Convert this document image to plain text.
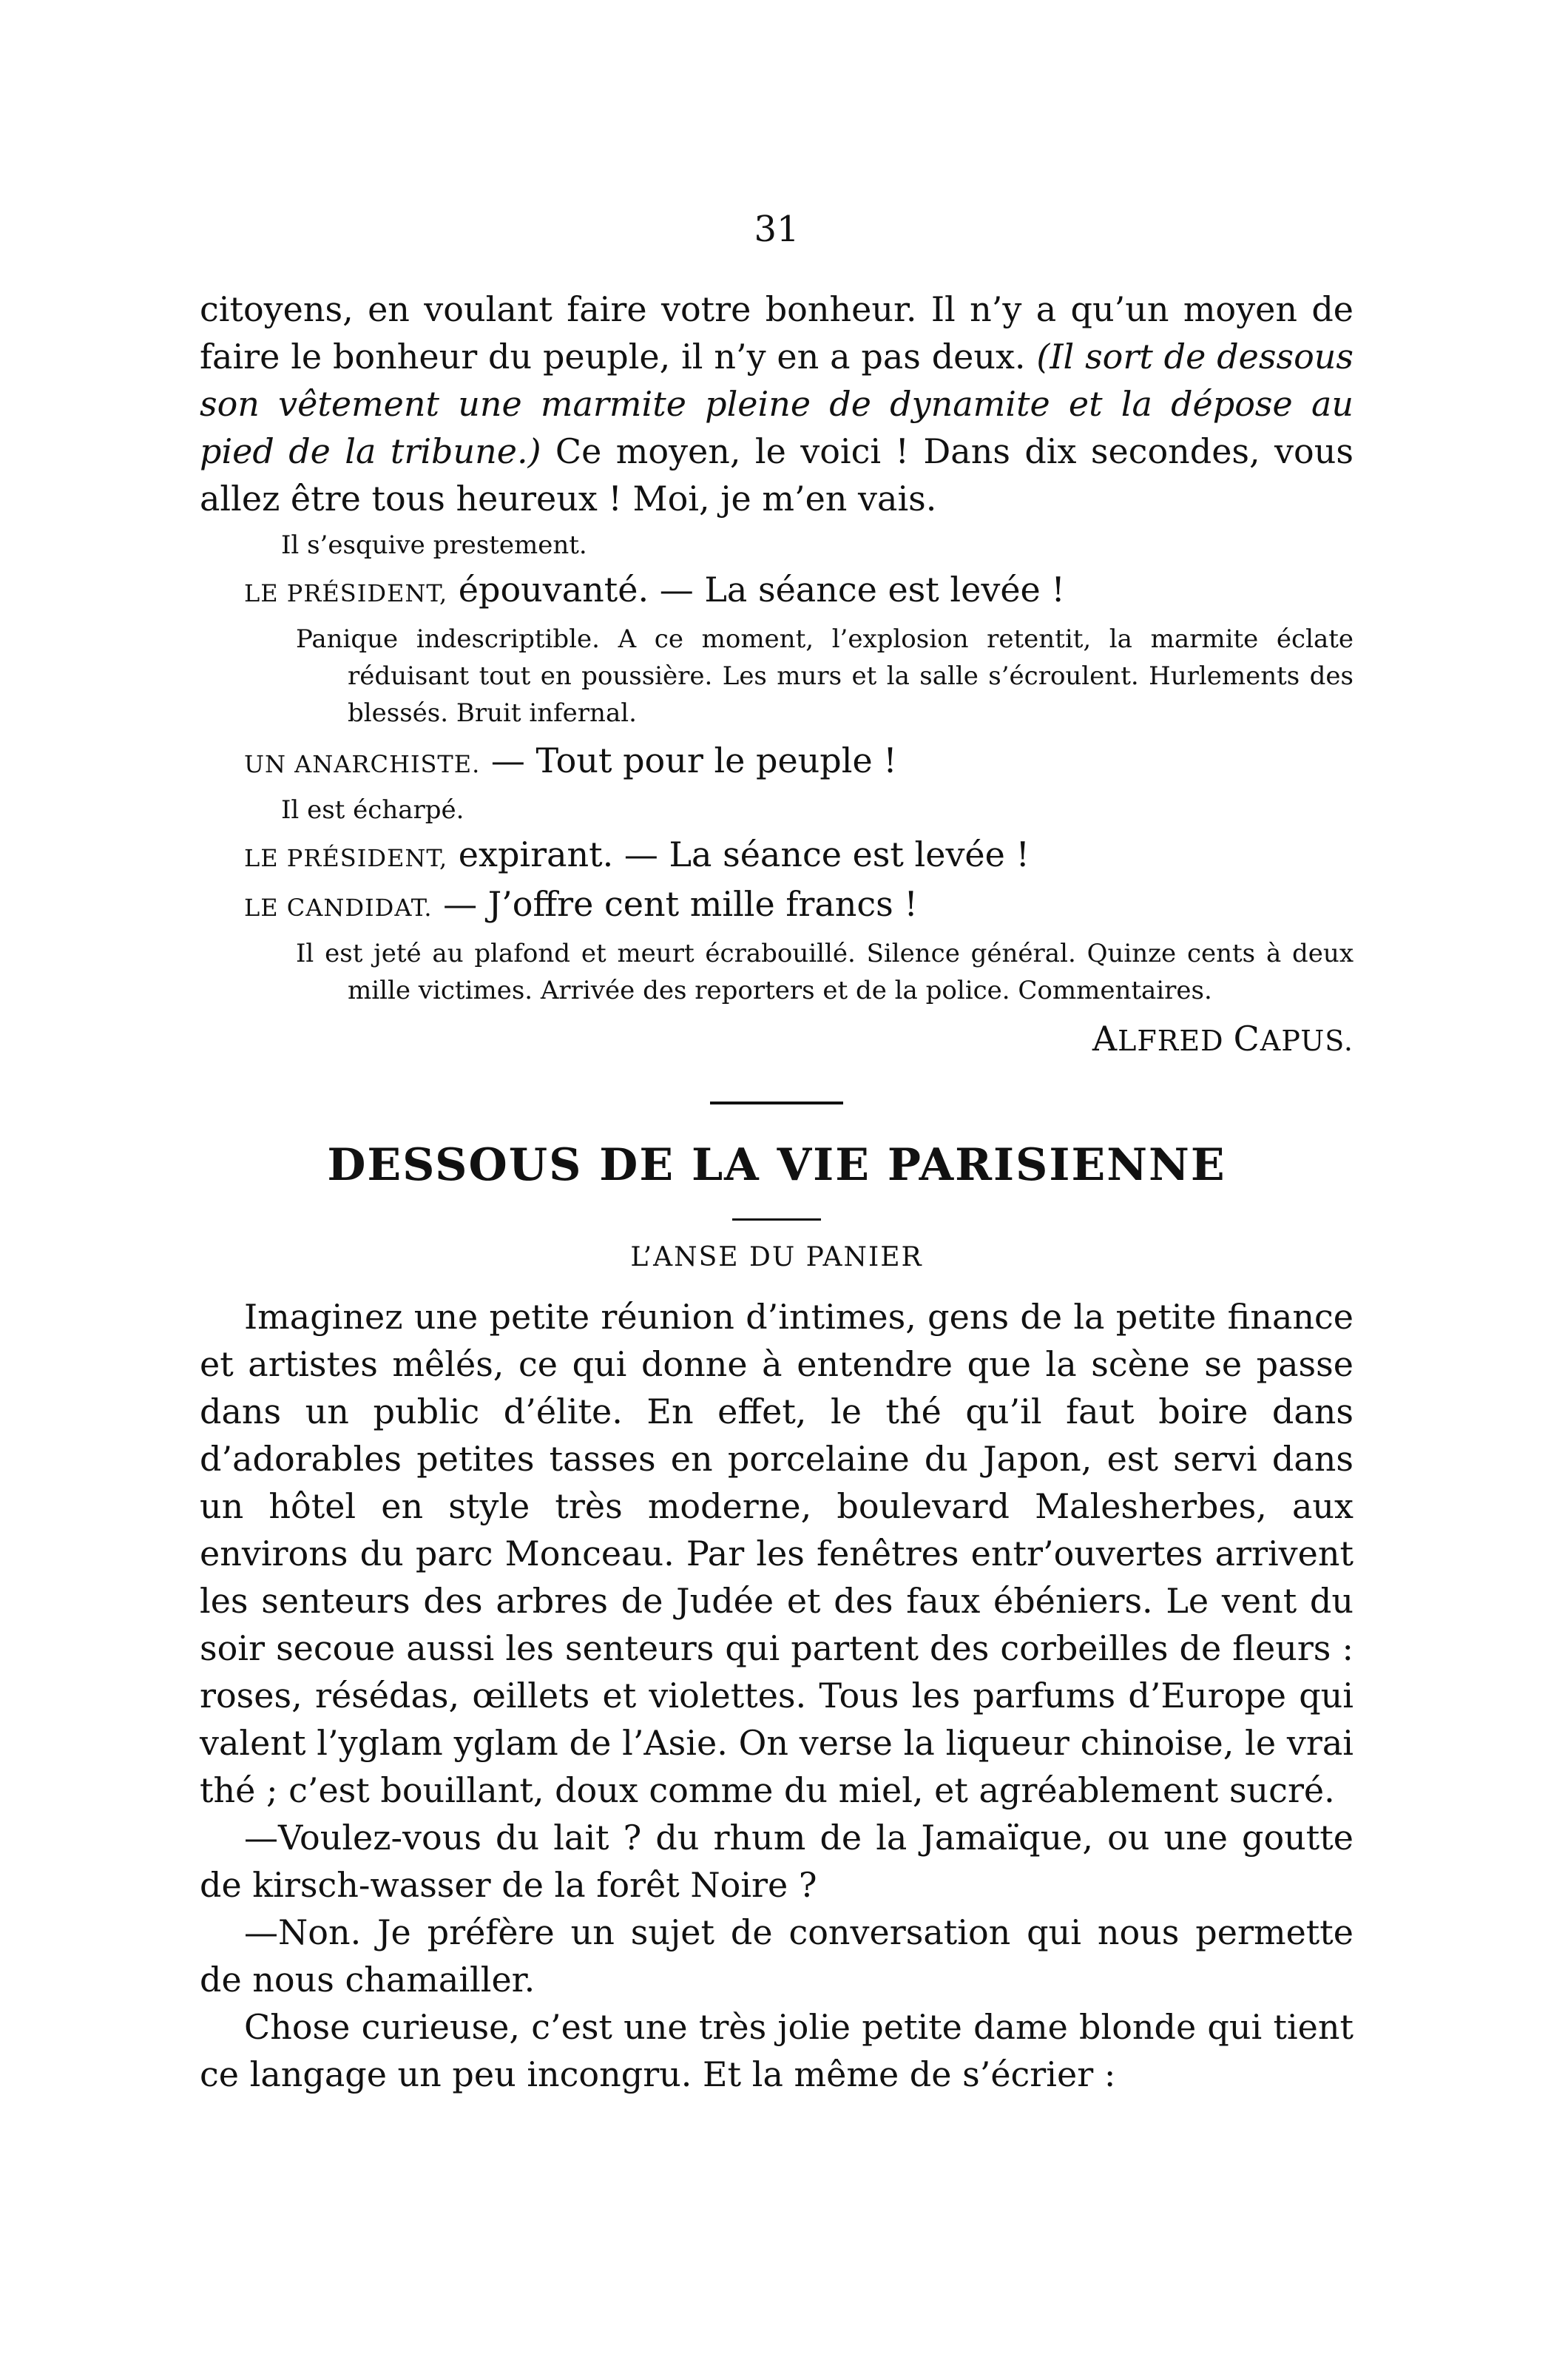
31

citoyens, en voulant faire votre bonheur. Il n’y a qu’un moyen de faire le bonheur du peuple, il n’y en a pas deux. (Il sort de dessous son vêtement une marmite pleine de dynamite et la dépose au pied de la tribune.) Ce moyen, le voici ! Dans dix secondes, vous allez être tous heureux ! Moi, je m’en vais.

Il s’esquive prestement.

LE PRÉSIDENT, épouvanté. — La séance est levée !

Panique indescriptible. A ce moment, l’explosion retentit, la marmite éclate réduisant tout en poussière. Les murs et la salle s’écroulent. Hurlements des blessés. Bruit infernal.

UN ANARCHISTE. — Tout pour le peuple !

Il est écharpé.

LE PRÉSIDENT, expirant. — La séance est levée !

LE CANDIDAT. — J’offre cent mille francs !

Il est jeté au plafond et meurt écrabouillé. Silence général. Quinze cents à deux mille victimes. Arrivée des reporters et de la police. Commentaires.

ALFRED CAPUS.
DESSOUS DE LA VIE PARISIENNE
L’ANSE DU PANIER

Imaginez une petite réunion d’intimes, gens de la petite finance et artistes mêlés, ce qui donne à entendre que la scène se passe dans un public d’élite. En effet, le thé qu’il faut boire dans d’adorables petites tasses en porcelaine du Japon, est servi dans un hôtel en style très moderne, boulevard Malesherbes, aux environs du parc Monceau. Par les fenêtres entr’ouvertes arrivent les senteurs des arbres de Judée et des faux ébéniers. Le vent du soir secoue aussi les senteurs qui partent des corbeilles de fleurs : roses, résédas, œillets et violettes. Tous les parfums d’Europe qui valent l’yglam yglam de l’Asie. On verse la liqueur chinoise, le vrai thé ; c’est bouillant, doux comme du miel, et agréablement sucré.

—Voulez-vous du lait ? du rhum de la Jamaïque, ou une goutte de kirsch-wasser de la forêt Noire ?

—Non. Je préfère un sujet de conversation qui nous permette de nous chamailler.

Chose curieuse, c’est une très jolie petite dame blonde qui tient ce langage un peu incongru. Et la même de s’écrier :
